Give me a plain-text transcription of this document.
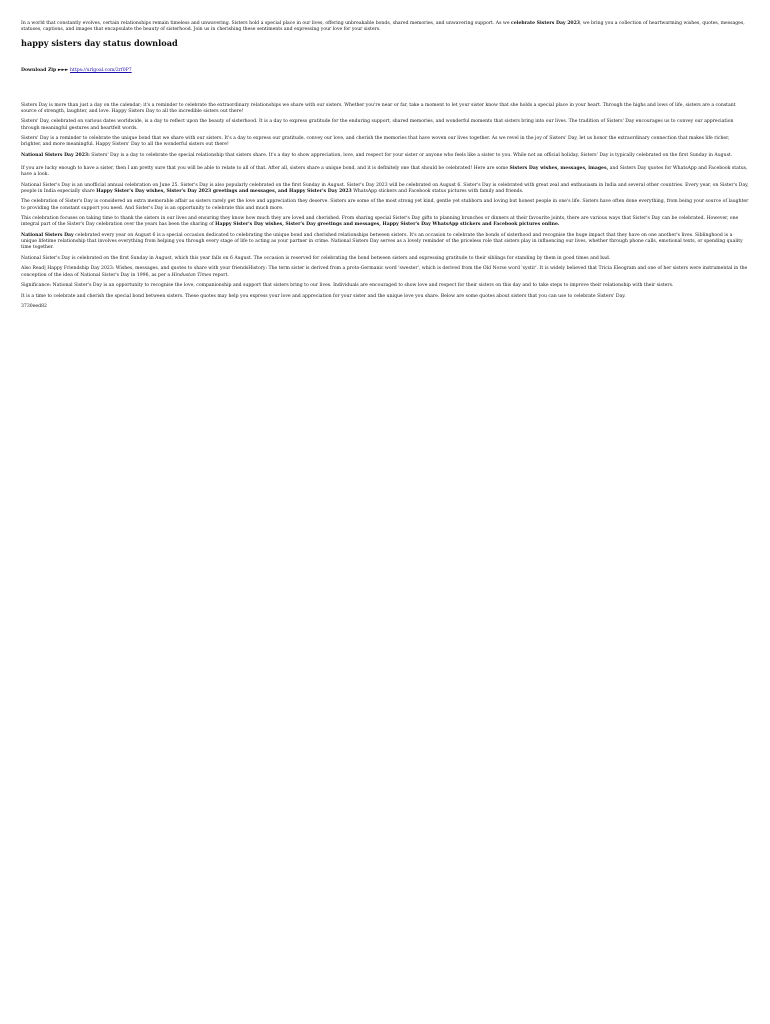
In a world that constantly evolves, certain relationships remain timeless and unwavering. Sisters hold a special place in our lives, offering unbreakable bonds, shared memories, and unwavering support. As we celebrate Sisters Day 2023, we bring you a collection of heartwarming wishes, quotes, messages, statuses, captions, and images that encapsulate the beauty of sisterhood. Join us in cherishing these sentiments and expressing your love for your sisters.

happy sisters day status download
Download Zip ►►► https://urlgoal.com/2rf0P7

Sisters Day is more than just a day on the calendar; it's a reminder to celebrate the extraordinary relationships we share with our sisters. Whether you're near or far, take a moment to let your sister know that she holds a special place in your heart. Through the highs and lows of life, sisters are a constant source of strength, laughter, and love. Happy Sisters Day to all the incredible sisters out there!

Sisters' Day, celebrated on various dates worldwide, is a day to reflect upon the beauty of sisterhood. It is a day to express gratitude for the enduring support, shared memories, and wonderful moments that sisters bring into our lives. The tradition of Sisters' Day encourages us to convey our appreciation through meaningful gestures and heartfelt words.

Sisters' Day is a reminder to celebrate the unique bond that we share with our sisters. It's a day to express our gratitude, convey our love, and cherish the memories that have woven our lives together. As we revel in the joy of Sisters' Day, let us honor the extraordinary connection that makes life richer, brighter, and more meaningful. Happy Sisters' Day to all the wonderful sisters out there!

National Sisters Day 2023: Sisters' Day is a day to celebrate the special relationship that sisters share. It's a day to show appreciation, love, and respect for your sister or anyone who feels like a sister to you. While not an official holiday, Sisters' Day is typically celebrated on the first Sunday in August.

If you are lucky enough to have a sister, then I am pretty sure that you will be able to relate to all of that. After all, sisters share a unique bond, and it is definitely one that should be celebrated! Here are some Sisters Day wishes, messages, images, and Sisters Day quotes for WhatsApp and Facebook status, have a look.

National Sister's Day is an unofficial annual celebration on June 25. Sister's Day is also popularly celebrated on the first Sunday in August. Sister's Day 2023 will be celebrated on August 6. Sister's Day is celebrated with great zeal and enthusiasm in India and several other countries. Every year, on Sister's Day, people in India especially share Happy Sister's Day wishes, Sister's Day 2023 greetings and messages, and Happy Sister's Day 2023 WhatsApp stickers and Facebook status pictures with family and friends.

The celebration of Sister's Day is considered an extra memorable affair as sisters rarely get the love and appreciation they deserve. Sisters are some of the most strong yet kind, gentle yet stubborn and loving but honest people in one's life. Sisters have often done everything, from being your source of laughter to providing the constant support you need. And Sister's Day is an opportunity to celebrate this and much more.

This celebration focuses on taking time to thank the sisters in our lives and ensuring they know how much they are loved and cherished. From sharing special Sister's Day gifts to planning brunches or dinners at their favourite joints, there are various ways that Sister's Day can be celebrated. However, one integral part of the Sister's Day celebration over the years has been the sharing of Happy Sister's Day wishes, Sister's Day greetings and messages, Happy Sister's Day WhatsApp stickers and Facebook pictures online.

National Sisters Day celebrated every year on August 6 is a special occasion dedicated to celebrating the unique bond and cherished relationships between sisters. It's an occasion to celebrate the bonds of sisterhood and recognise the huge impact that they have on one another's lives. Siblinghood is a unique lifetime relationship that involves everything from helping you through every stage of life to acting as your partner in crime. National Sisters Day serves as a lovely reminder of the priceless role that sisters play in influencing our lives, whether through phone calls, emotional texts, or spending quality time together.

National Sister's Day is celebrated on the first Sunday in August, which this year falls on 6 August. The occasion is reserved for celebrating the bond between sisters and expressing gratitude to their siblings for standing by them in good times and bad.

Also Read| Happy Friendship Day 2023: Wishes, messages, and quotes to share with your friendsHistory: The term sister is derived from a proto-Germanic word 'swester', which is derived from the Old Norse word 'systir'. It is widely believed that Tricia Eleogram and one of her sisters were instrumental in the conception of the idea of National Sister's Day in 1996, as per a Hindustan Times report.

Significance: National Sister's Day is an opportunity to recognise the love, companionship and support that sisters bring to our lives. Individuals are encouraged to show love and respect for their sisters on this day and to take steps to improve their relationship with their sisters.

It is a time to celebrate and cherish the special bond between sisters. These quotes may help you express your love and appreciation for your sister and the unique love you share. Below are some quotes about sisters that you can use to celebrate Sisters' Day.

3730eed82
